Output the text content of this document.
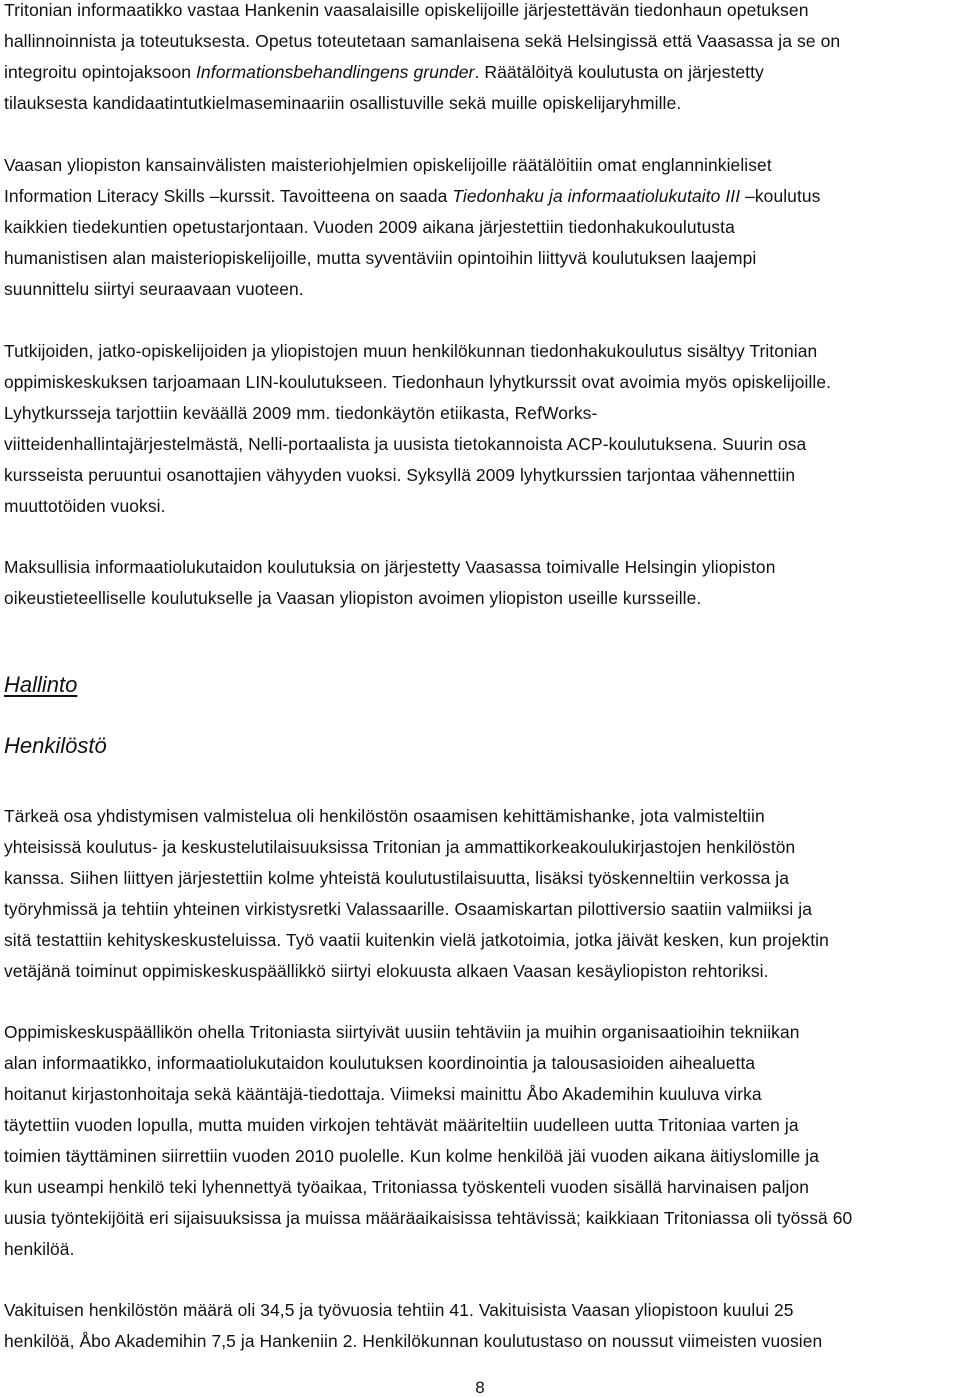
Tritonian informaatikko vastaa Hankenin vaasalaisille opiskelijoille järjestettävän tiedonhaun opetuksen
hallinnoinnista ja toteutuksesta. Opetus toteutetaan samanlaisena sekä Helsingissä että Vaasassa ja se on
integroitu opintojaksoon Informationsbehandlingens grunder. Räätälöityä koulutusta on järjestetty
tilauksesta kandidaatintutkielmaseminaariin osallistuville sekä muille opiskelijaryhmille.
Vaasan yliopiston kansainvälisten maisteriohjelmien opiskelijoille räätälöitiin omat englanninkieliset
Information Literacy Skills –kurssit. Tavoitteena on saada Tiedonhaku ja informaatiolukutaito III –koulutus
kaikkien tiedekuntien opetustarjontaan. Vuoden 2009 aikana järjestettiin tiedonhakukoulutusta
humanistisen alan maisteriopiskelijoille, mutta syventäviin opintoihin liittyvä koulutuksen laajempi
suunnittelu siirtyi seuraavaan vuoteen.
Tutkijoiden, jatko-opiskelijoiden ja yliopistojen muun henkilökunnan tiedonhakukoulutus sisältyy Tritonian
oppimiskeskuksen tarjoamaan LIN-koulutukseen. Tiedonhaun lyhytkurssit ovat avoimia myös opiskelijoille.
Lyhytkursseja tarjottiin keväällä 2009 mm. tiedonkäytön etiikasta, RefWorks-
viitteidenhallintajärjestelmästä, Nelli-portaalista ja uusista tietokannoista ACP-koulutuksena. Suurin osa
kursseista peruuntui osanottajien vähyyden vuoksi. Syksyllä 2009 lyhytkurssien tarjontaa vähennettiin
muuttotöiden vuoksi.
Maksullisia informaatiolukutaidon koulutuksia on järjestetty Vaasassa toimivalle Helsingin yliopiston
oikeustieteelliselle koulutukselle ja Vaasan yliopiston avoimen yliopiston useille kursseille.
Hallinto
Henkilöstö
Tärkeä osa yhdistymisen valmistelua oli henkilöstön osaamisen kehittämishanke, jota valmisteltiin
yhteisissä koulutus- ja keskustelutilaisuuksissa Tritonian ja ammattikorkeakoulukirjastojen henkilöstön
kanssa. Siihen liittyen järjestettiin kolme yhteistä koulutustilaisuutta, lisäksi työskenneltiin verkossa ja
työryhmissä ja tehtiin yhteinen virkistysretki Valassaarille. Osaamiskartan pilottiversio saatiin valmiiksi ja
sitä testattiin kehityskeskusteluissa. Työ vaatii kuitenkin vielä jatkotoimia, jotka jäivät kesken, kun projektin
vetäjänä toiminut oppimiskeskuspäällikkö siirtyi elokuusta alkaen Vaasan kesäyliopiston rehtoriksi.
Oppimiskeskuspäällikön ohella Tritoniasta siirtyivät uusiin tehtäviin ja muihin organisaatioihin tekniikan
alan informaatikko, informaatiolukutaidon koulutuksen koordinointia ja talousasioiden aihealuetta
hoitanut kirjastonhoitaja sekä kääntäjä-tiedottaja. Viimeksi mainittu Åbo Akademihin kuuluva virka
täytettiin vuoden lopulla, mutta muiden virkojen tehtävät määriteltiin uudelleen uutta Tritoniaa varten ja
toimien täyttäminen siirrettiin vuoden 2010 puolelle. Kun kolme henkilöä jäi vuoden aikana äitiyslomille ja
kun useampi henkilö teki lyhennettyä työaikaa, Tritoniassa työskenteli vuoden sisällä harvinaisen paljon
uusia työntekijöitä eri sijaisuuksissa ja muissa määräaikaisissa tehtävissä; kaikkiaan Tritoniassa oli työssä 60
henkilöä.
Vakituisen henkilöstön määrä oli 34,5 ja työvuosia tehtiin 41. Vakituisista Vaasan yliopistoon kuului 25
henkilöä, Åbo Akademihin 7,5 ja Hankeniin 2. Henkilökunnan koulutustaso on noussut viimeisten vuosien
8
